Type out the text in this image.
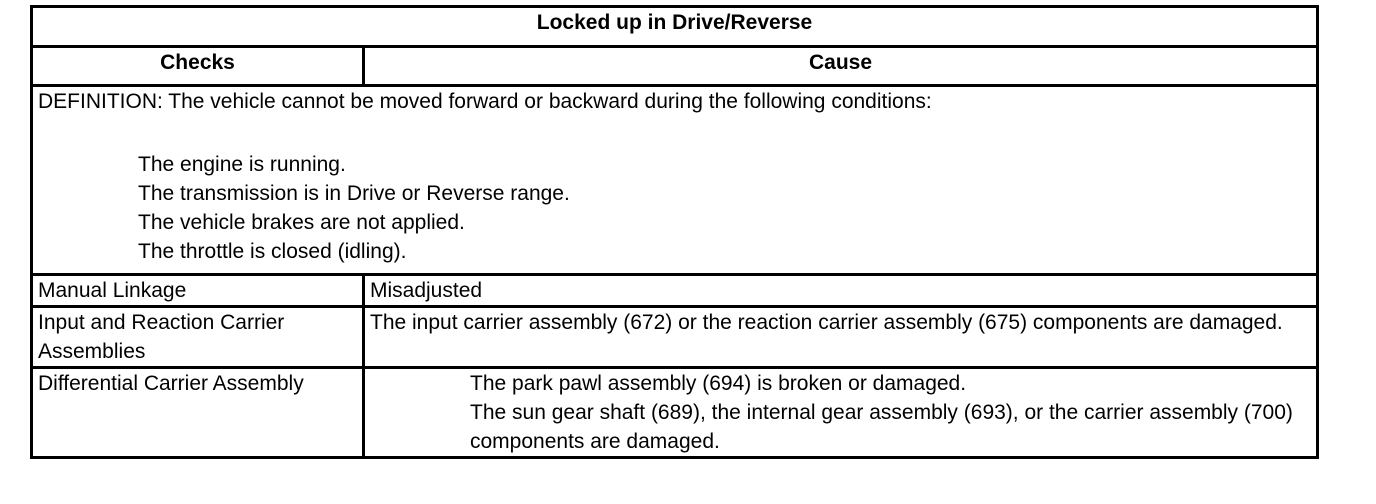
Locked up in Drive/Reverse	
Checks	Cause

DEFINITION: The vehicle cannot be moved forward or backward during the following conditions:
The engine is running.
The transmission is in Drive or Reverse range.
The vehicle brakes are not applied.
The throttle is closed (idling).	

Manual Linkage	Misadjusted
Input and Reaction Carrier Assemblies	The input carrier assembly (672) or the reaction carrier assembly (675) components are damaged.
Differential Carrier Assembly	The park pawl assembly (694) is broken or damaged.
The sun gear shaft (689), the internal gear assembly (693), or the carrier assembly (700) components are damaged.
